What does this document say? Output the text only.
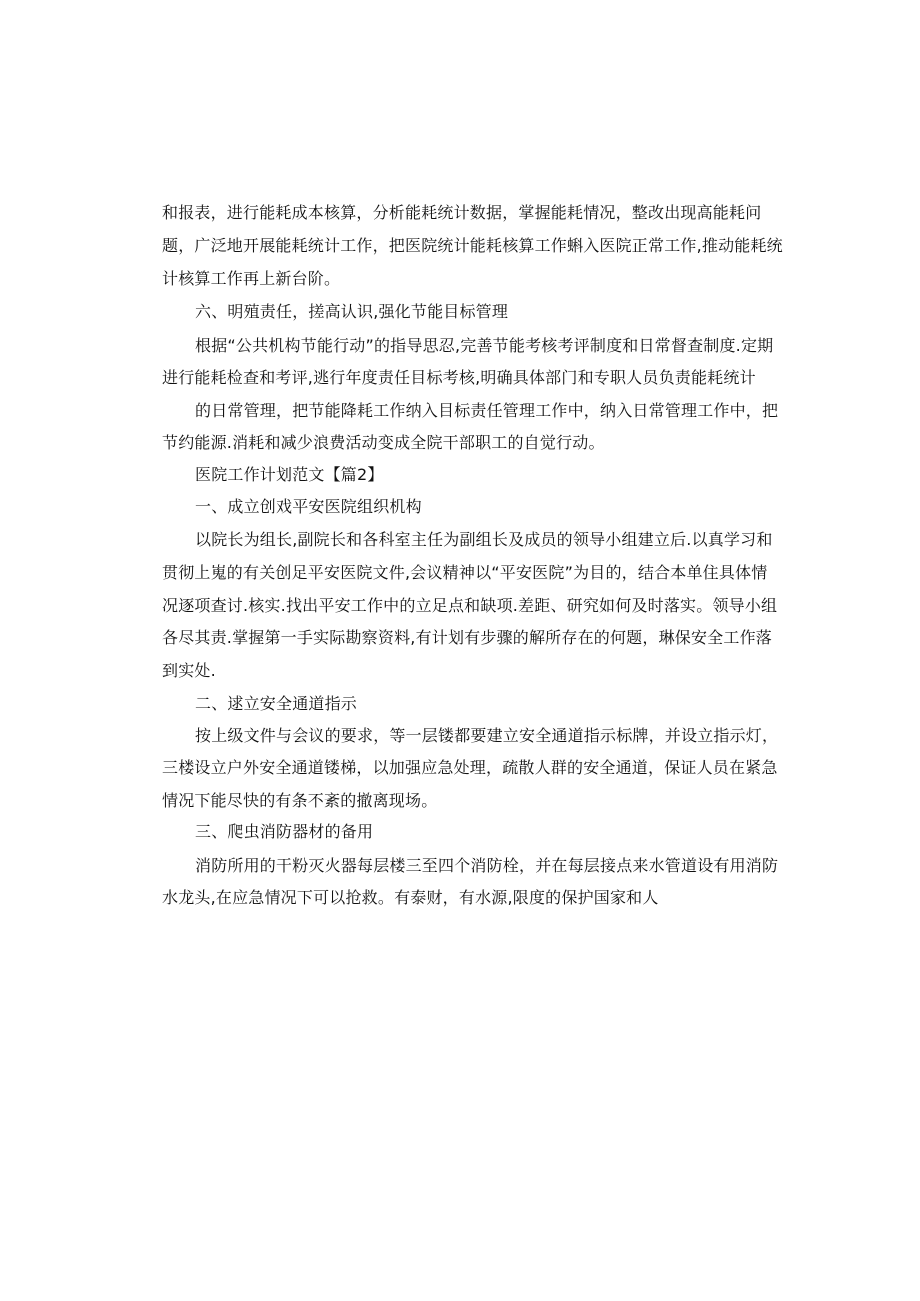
和报表，进行能耗成本核算，分析能耗统计数据，掌握能耗情况，整改出现高能耗问
题，广泛地开展能耗统计工作，把医院统计能耗核算工作蝌入医院正常工作,推动能耗统
计核算工作再上新台阶。
六、明殖责任，搓高认识,强化节能目标管理
根据“公共机构节能行动”的指导思忍,完善节能考核考评制度和日常督查制度.定期
进行能耗检查和考评,逃行年度责任目标考核,明确具体部门和专职人员负责能耗统计
的日常管理，把节能降耗工作纳入目标责任管理工作中，纳入日常管理工作中，把
节约能源.消耗和减少浪费活动变成全院干部职工的自觉行动。
医院工作计划范文【篇2】
一、成立创戏平安医院组织机构
以院长为组长,副院长和各科室主任为副组长及成员的领导小组建立后.以真学习和
贯彻上嵬的有关创足平安医院文件,会议精神以“平安医院”为目的，结合本单住具体情
况逐项查讨.核实.找出平安工作中的立足点和缺项.差距、研究如何及时落实。领导小组
各尽其责.掌握第一手实际勘察资料,有计划有步骤的解所存在的何题，琳保安全工作落
到实处.
二、逑立安全通道指示
按上级文件与会议的要求，等一层镂都要建立安全通道指示标牌，并设立指示灯，
三楼设立户外安全通道镂梯，以加强应急处理，疏散人群的安全通道，保证人员在紧急
情况下能尽快的有条不紊的撤离现场。
三、爬虫消防器材的备用
消防所用的干粉灭火器每层楼三至四个消防栓，并在每层接点来水管道设有用消防
水龙头,在应急情况下可以抢救。有泰财，有水源,限度的保护国家和人
